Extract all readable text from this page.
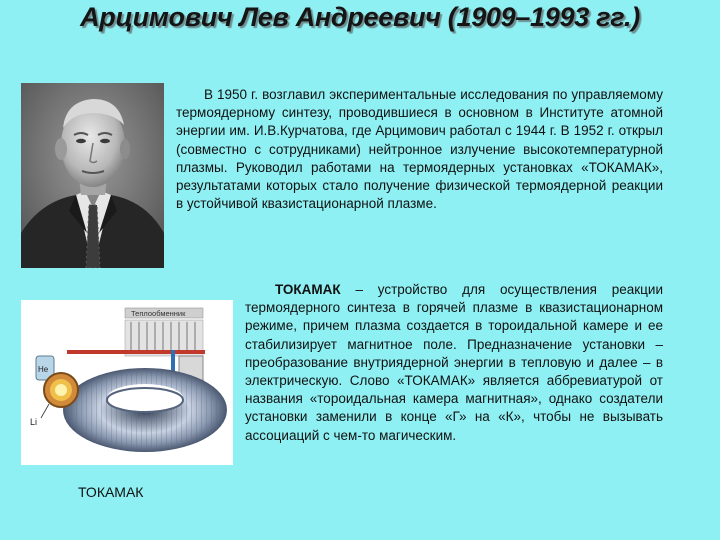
Арцимович Лев Андреевич (1909–1993 гг.)

В 1950 г. возглавил экспериментальные исследования по управляемому термоядерному синтезу, проводившиеся в основном в Институте атомной энергии им. И.В.Курчатова, где Арцимович работал с 1944 г. В 1952 г. открыл (совместно с сотрудниками) нейтронное излучение высокотемпературной плазмы. Руководил работами на термоядерных установках «ТОКАМАК», результатами которых стало получение физической термоядерной реакции в устойчивой квазистационарной плазме.

Теплообменник
Не
Li

ТОКАМАК – устройство для осуществления реакции термоядерного синтеза в горячей плазме в квазистационарном режиме, причем плазма создается в тороидальной камере и ее стабилизирует магнитное поле. Предназначение установки – преобразование внутриядерной энергии в тепловую и далее – в электрическую. Слово «ТОКАМАК» является аббревиатурой от названия «тороидальная камера магнитная», однако создатели установки заменили в конце «Г» на «К», чтобы не вызывать ассоциаций с чем-то магическим.

ТОКАМАК
